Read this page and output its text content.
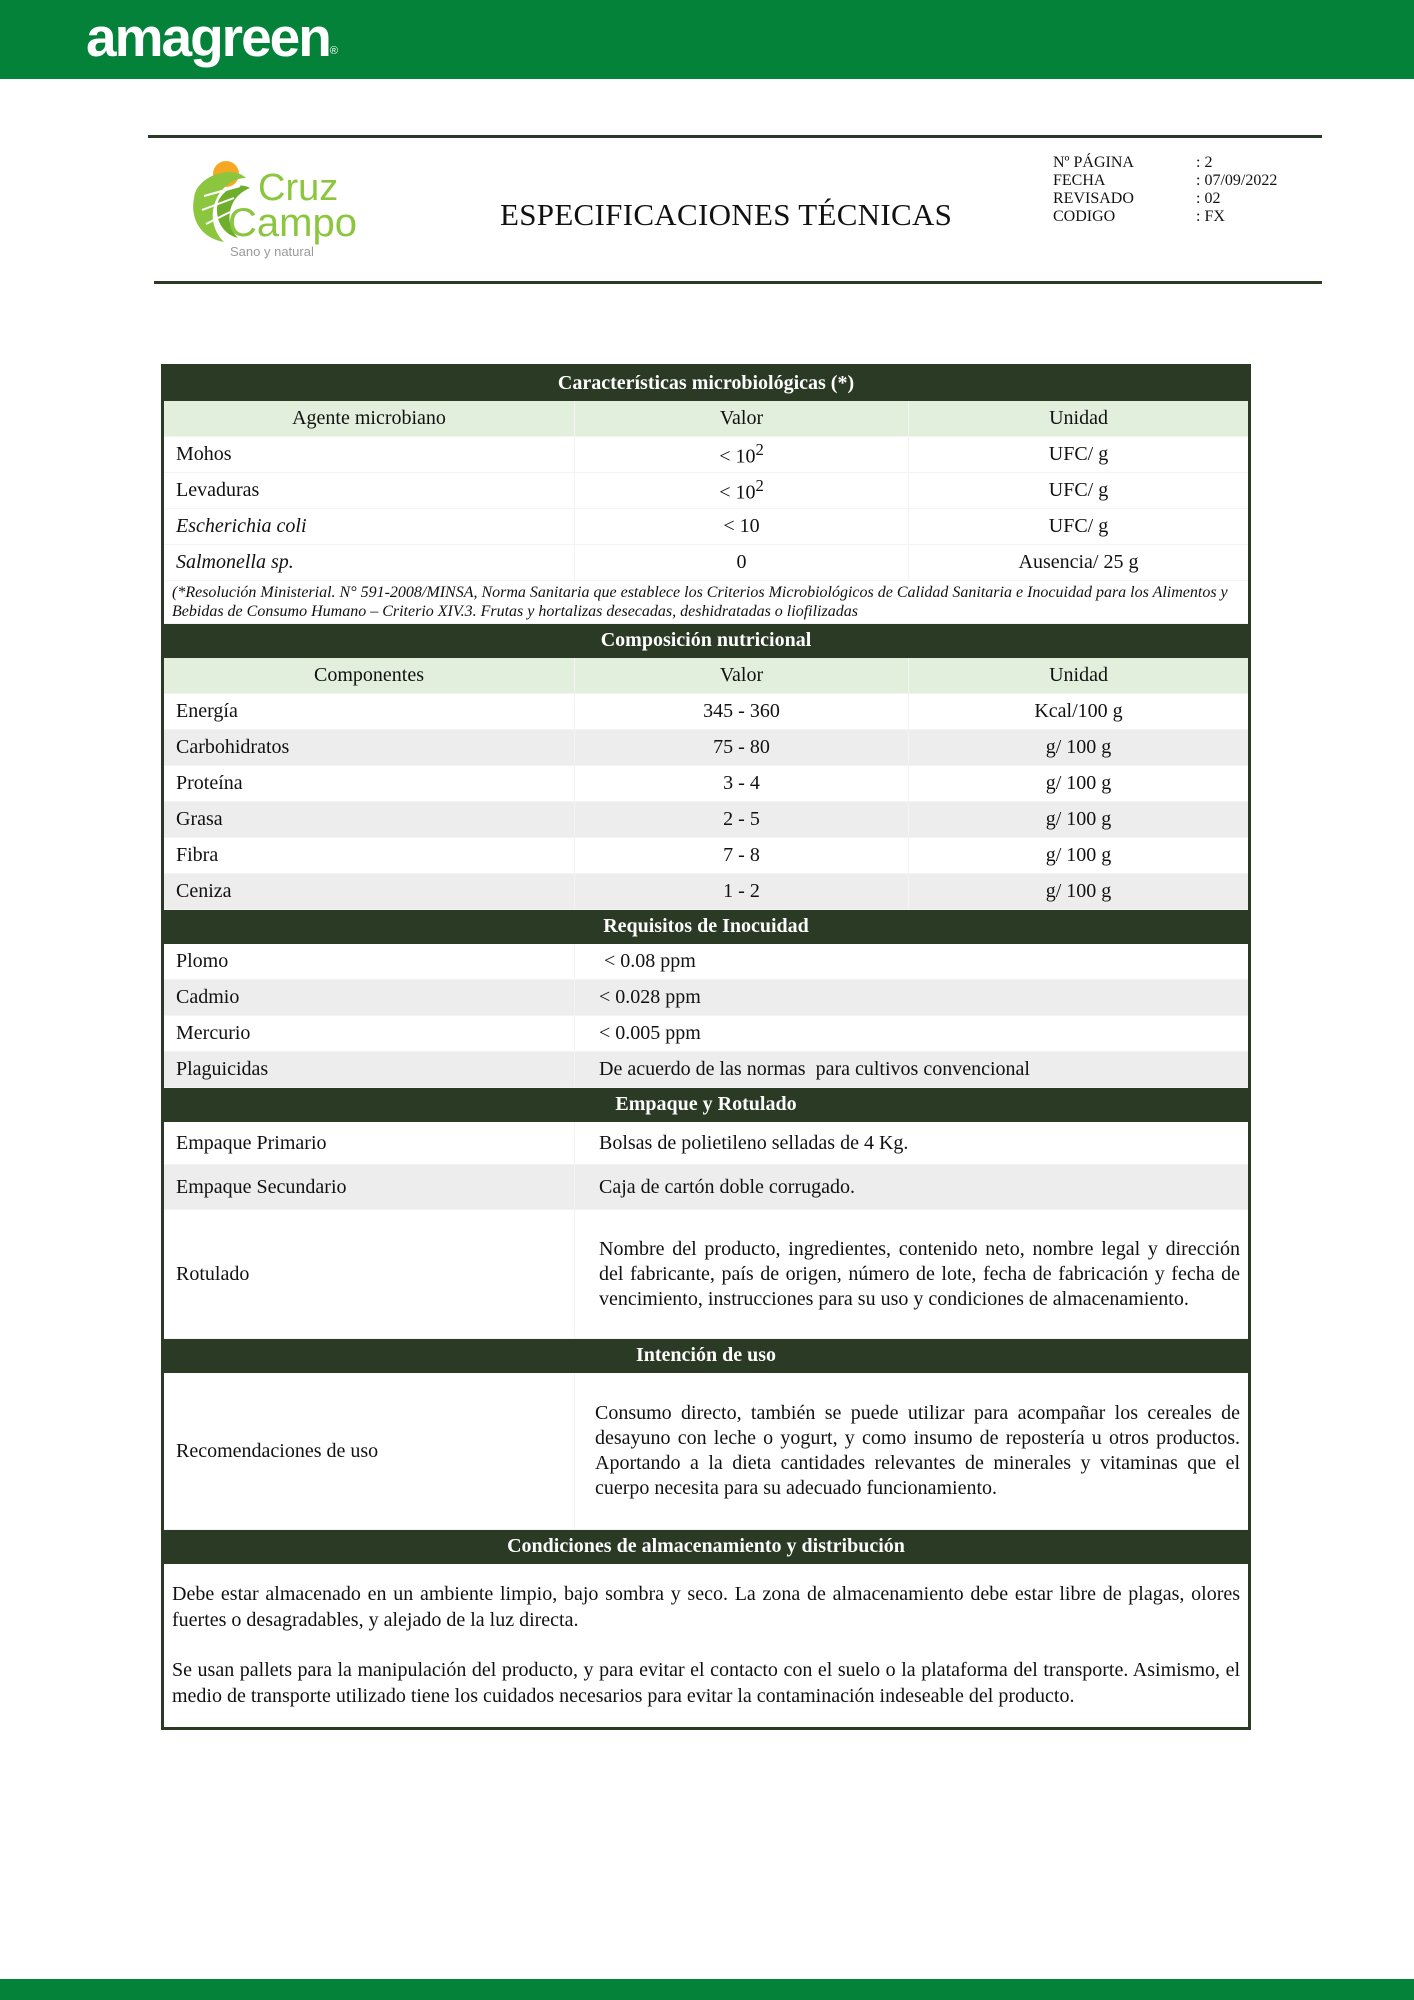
amagreen®
Cruz
Campo
Sano y natural
ESPECIFICACIONES TÉCNICAS
Nº PÁGINA	: 2
FECHA	: 07/09/2022
REVISADO	: 02
CODIGO	: FX
Características microbiológicas (*)		
Agente microbiano	Valor	Unidad
Mohos	< $10^2$	UFC/ g
Levaduras	< $10^2$	UFC/ g
Escherichia coli	< 10	UFC/ g
Salmonella sp.	0	Ausencia/ 25 g
(*Resolución Ministerial. N° 591-2008/MINSA, Norma Sanitaria que establece los Criterios Microbiológicos de Calidad Sanitaria e Inocuidad para los Alimentos y Bebidas de Consumo Humano – Criterio XIV.3. Frutas y hortalizas desecadas, deshidratadas o liofilizadas		
Composición nutricional		
Componentes	Valor	Unidad
Energía	345 - 360	Kcal/100 g
Carbohidratos	75 - 80	g/ 100 g
Proteína	3 - 4	g/ 100 g
Grasa	2 - 5	g/ 100 g
Fibra	7 - 8	g/ 100 g
Ceniza	1 - 2	g/ 100 g
Requisitos de Inocuidad		
Plomo	< 0.08 ppm	
Cadmio	< 0.028 ppm	
Mercurio	< 0.005 ppm	
Plaguicidas	De acuerdo de las normas  para cultivos convencional	
Empaque y Rotulado		
Empaque Primario	Bolsas de polietileno selladas de 4 Kg.	
Empaque Secundario	Caja de cartón doble corrugado.	
Rotulado	Nombre del producto, ingredientes, contenido neto, nombre legal y dirección del fabricante, país de origen, número de lote, fecha de fabricación y fecha de vencimiento, instrucciones para su uso y condiciones de almacenamiento.	
Intención de uso		
Recomendaciones de uso	Consumo directo, también se puede utilizar para acompañar los cereales de desayuno con leche o yogurt, y como insumo de repostería u otros productos. Aportando a la dieta cantidades relevantes de minerales y vitaminas que el cuerpo necesita para su adecuado funcionamiento.	
Condiciones de almacenamiento y distribución		

Debe estar almacenado en un ambiente limpio, bajo sombra y seco. La zona de almacenamiento debe estar libre de plagas, olores fuertes o desagradables, y alejado de la luz directa.

Se usan pallets para la manipulación del producto, y para evitar el contacto con el suelo o la plataforma del transporte. Asimismo, el medio de transporte utilizado tiene los cuidados necesarios para evitar la contaminación indeseable del producto.		
